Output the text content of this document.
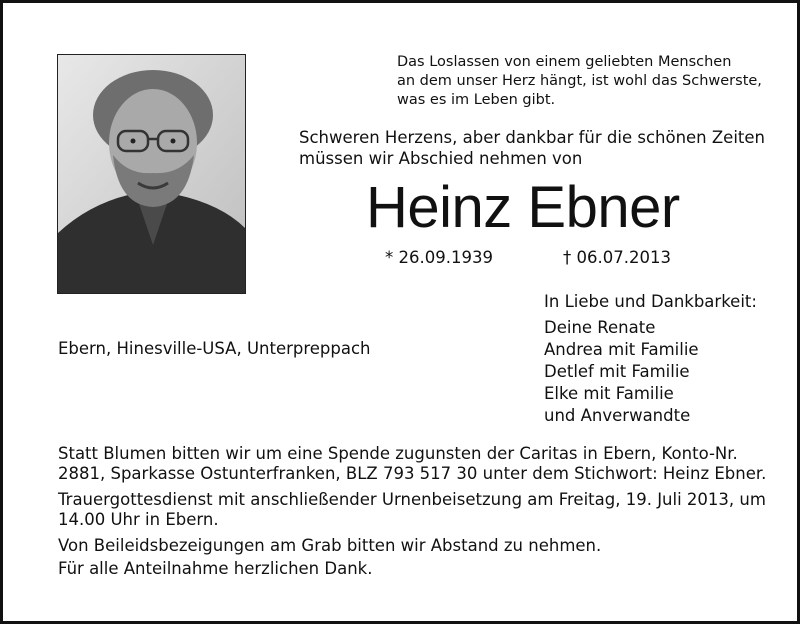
Das Loslassen von einem geliebten Menschen
an dem unser Herz hängt, ist wohl das Schwerste,
was es im Leben gibt.
Schweren Herzens, aber dankbar für die schönen Zeiten
müssen wir Abschied nehmen von
Heinz Ebner
* 26.09.1939	† 06.07.2013
In Liebe und Dankbarkeit:
Deine Renate
Andrea mit Familie
Detlef mit Familie
Elke mit Familie
und Anverwandte
Ebern, Hinesville-USA, Unterpreppach
Statt Blumen bitten wir um eine Spende zugunsten der Caritas in Ebern, Konto-Nr.
2881, Sparkasse Ostunterfranken, BLZ 793 517 30 unter dem Stichwort: Heinz Ebner.
Trauergottesdienst mit anschließender Urnenbeisetzung am Freitag, 19. Juli 2013, um
14.00 Uhr in Ebern.
Von Beileidsbezeigungen am Grab bitten wir Abstand zu nehmen.
Für alle Anteilnahme herzlichen Dank.
